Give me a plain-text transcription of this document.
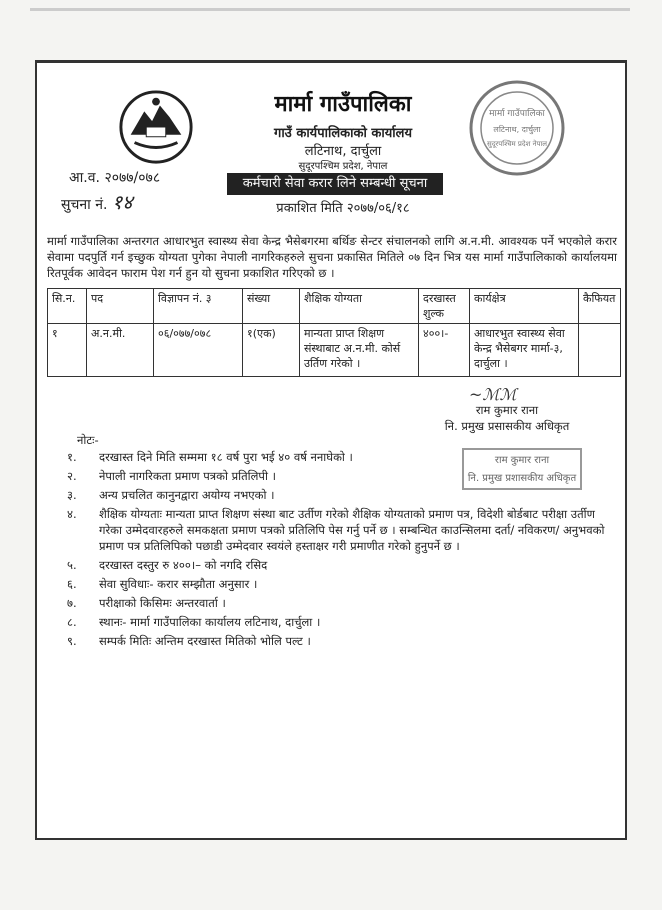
मार्मा गाउँपालिका
लटिनाथ, दार्चुला
सुदूरपश्चिम प्रदेश नेपाल
मार्मा गाउँपालिका
गाउँ कार्यपालिकाको कार्यालय
लटिनाथ, दार्चुला
सुदूरपश्चिम प्रदेश, नेपाल
कर्मचारी सेवा करार लिने सम्बन्धी सूचना
प्रकाशित मिति २०७७/०६/१८
आ.व. २०७७/०७८
सुचना नं. १४

मार्मा गाउँपालिका अन्तरगत आधारभुत स्वास्थ्य सेवा केन्द्र भैसेबगरमा बर्थिङ सेन्टर संचालनको लागि अ.न.मी. आवश्यक पर्ने भएकोले करार सेवामा पदपुर्ति गर्न इच्छुक योग्यता पुगेका नेपाली नागरिकहरुले सुचना प्रकासित मितिले ०७ दिन भित्र यस मार्मा गाउँपालिकाको कार्यालयमा रितपूर्वक आवेदन फाराम पेश गर्न हुन यो सुचना प्रकाशित गरिएको छ ।

सि.न.	पद	विज्ञापन नं. ३	संख्या	शैक्षिक योग्यता	दरखास्त शुल्क	कार्यक्षेत्र	कैफियत
१	अ.न.मी.	०६/०७७/०७८	१(एक)	मान्यता प्राप्त शिक्षण संस्थाबाट अ.न.मी. कोर्स उर्तिण गरेको ।	४००।-	आधारभुत स्वास्थ्य सेवा केन्द्र भैसेबगर मार्मा-३, दार्चुला ।	
~ℳℳ
राम कुमार राना
नि. प्रमुख प्रसासकीय अधिकृत
राम कुमार राना
नि. प्रमुख प्रशासकीय अधिकृत
नोटः-
१.	दरखास्त दिने मिति सम्ममा १८ वर्ष पुरा भई ४० वर्ष ननाघेको ।
२.	नेपाली नागरिकता प्रमाण पत्रको प्रतिलिपी ।
३.	अन्य प्रचलित कानुनद्वारा अयोग्य नभएको ।
४.	शैक्षिक योग्यताः मान्यता प्राप्त शिक्षण संस्था बाट उर्तीण गरेको शैक्षिक योग्यताको प्रमाण पत्र, विदेशी बोर्डबाट परीक्षा उर्तीण गरेका उम्मेदवारहरुले समकक्षता प्रमाण पत्रको प्रतिलिपि पेस गर्नु पर्ने छ । सम्बन्धित काउन्सिलमा दर्ता/ नविकरण/ अनुभवको प्रमाण पत्र प्रतिलिपिको पछाडी उम्मेदवार स्वयंले हस्ताक्षर गरी प्रमाणीत गरेको हुनुपर्ने छ ।
५.	दरखास्त दस्तुर रु ४००।– को नगदि रसिद
६.	सेवा सुविधाः- करार सम्झौता अनुसार ।
७.	परीक्षाको किसिमः अन्तरवार्ता ।
८.	स्थानः- मार्मा गाउँपालिका कार्यालय लटिनाथ, दार्चुला ।
९.	सम्पर्क मितिः अन्तिम दरखास्त मितिको भोलि पल्ट ।
